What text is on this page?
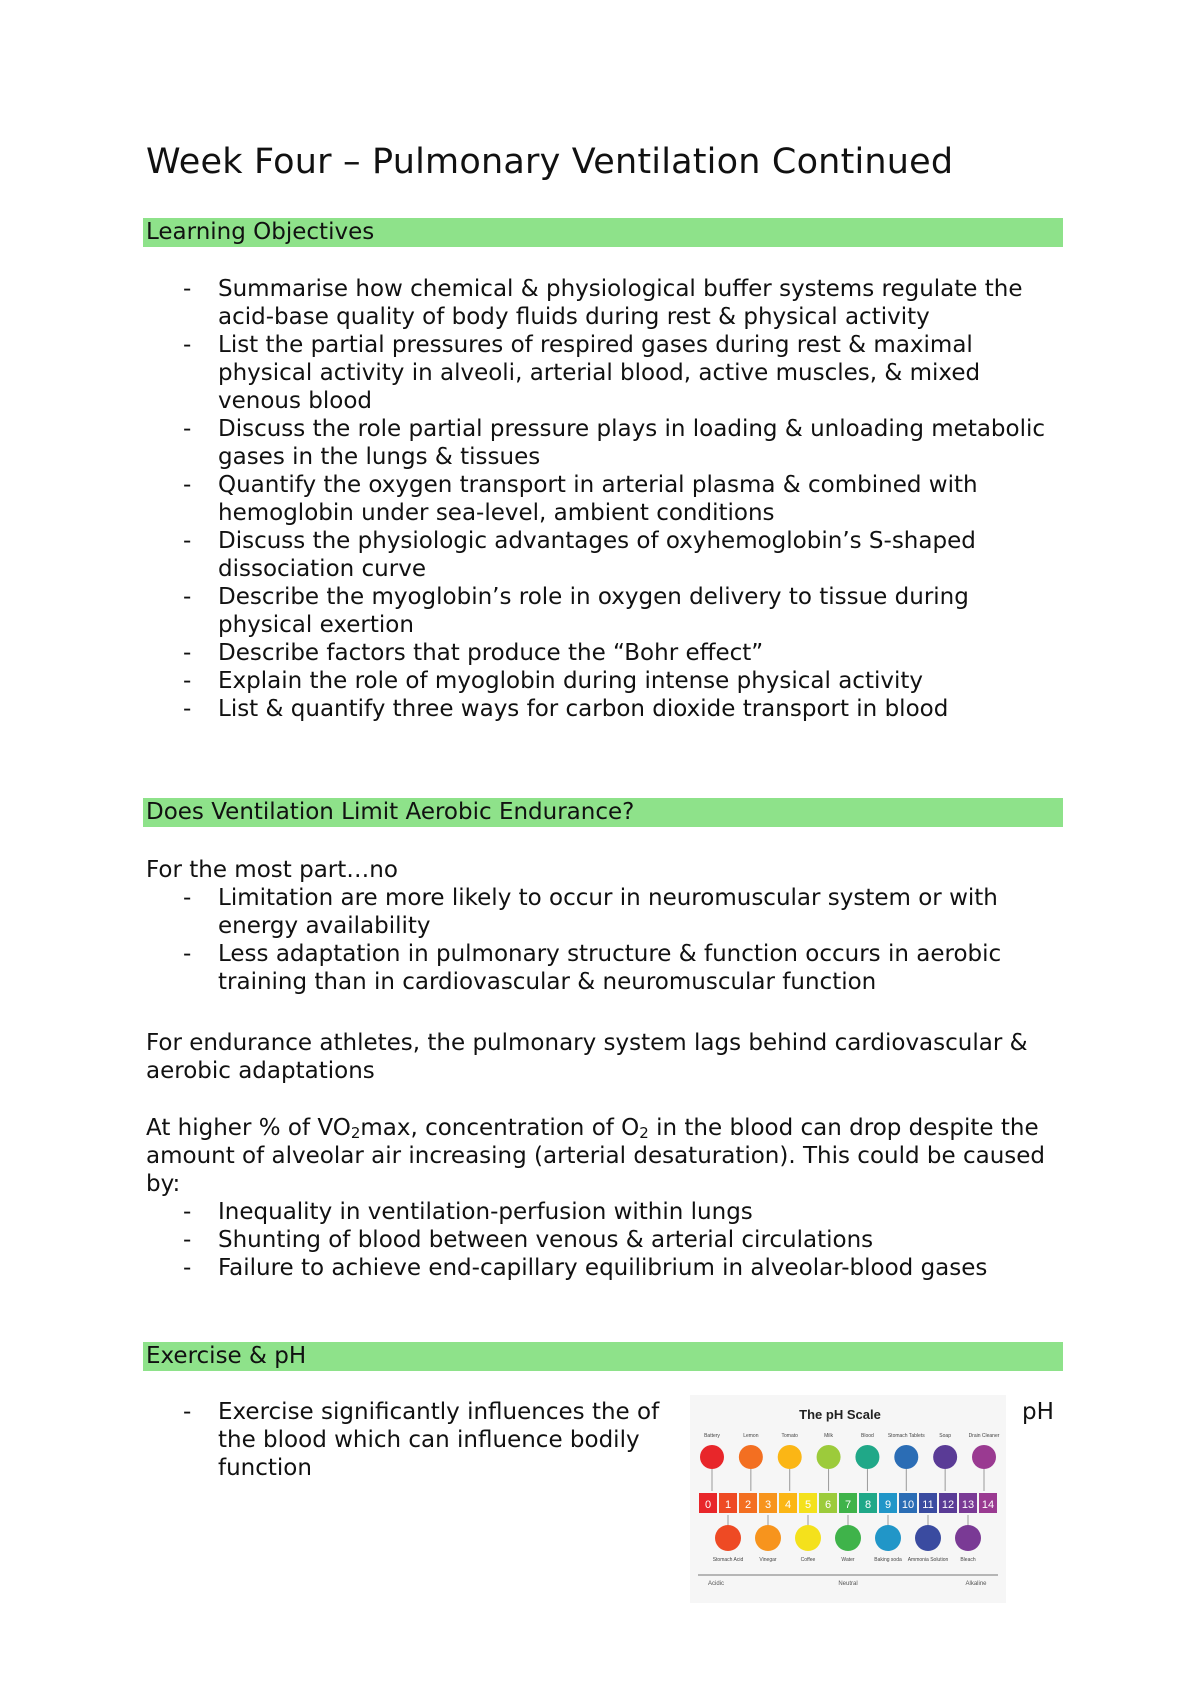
Week Four – Pulmonary Ventilation Continued
Learning Objectives
- Summarise how chemical & physiological buffer systems regulate the acid-base quality of body fluids during rest & physical activity
- List the partial pressures of respired gases during rest & maximal physical activity in alveoli, arterial blood, active muscles, & mixed venous blood
- Discuss the role partial pressure plays in loading & unloading metabolic gases in the lungs & tissues
- Quantify the oxygen transport in arterial plasma & combined with hemoglobin under sea-level, ambient conditions
- Discuss the physiologic advantages of oxyhemoglobin’s S-shaped dissociation curve
- Describe the myoglobin’s role in oxygen delivery to tissue during physical exertion
- Describe factors that produce the “Bohr effect”
- Explain the role of myoglobin during intense physical activity
- List & quantify three ways for carbon dioxide transport in blood
Does Ventilation Limit Aerobic Endurance?

For the most part…no

- Limitation are more likely to occur in neuromuscular system or with energy availability
- Less adaptation in pulmonary structure & function occurs in aerobic training than in cardiovascular & neuromuscular function

For endurance athletes, the pulmonary system lags behind cardiovascular & aerobic adaptations

At higher % of $VO_2\max$, concentration of $O_2$ in the blood can drop despite the amount of alveolar air increasing (arterial desaturation). This could be caused by:

- Inequality in ventilation-perfusion within lungs
- Shunting of blood between venous & arterial circulations
- Failure to achieve end-capillary equilibrium in alveolar-blood gases
Exercise & pH
- Exercise significantly influences the of the blood which can influence bodily function
pH
The pH Scale
Battery	Lemon	Tomato	Milk	Blood	Stomach Tablets	Soap	Drain Cleaner
0 1 2 3 4 5 6 7 8 9 10 11 12 13 14
Stomach Acid	Vinegar	Coffee	Water	Baking soda Ammonia Solution Bleach
Acidic	Neutral	Alkaline
